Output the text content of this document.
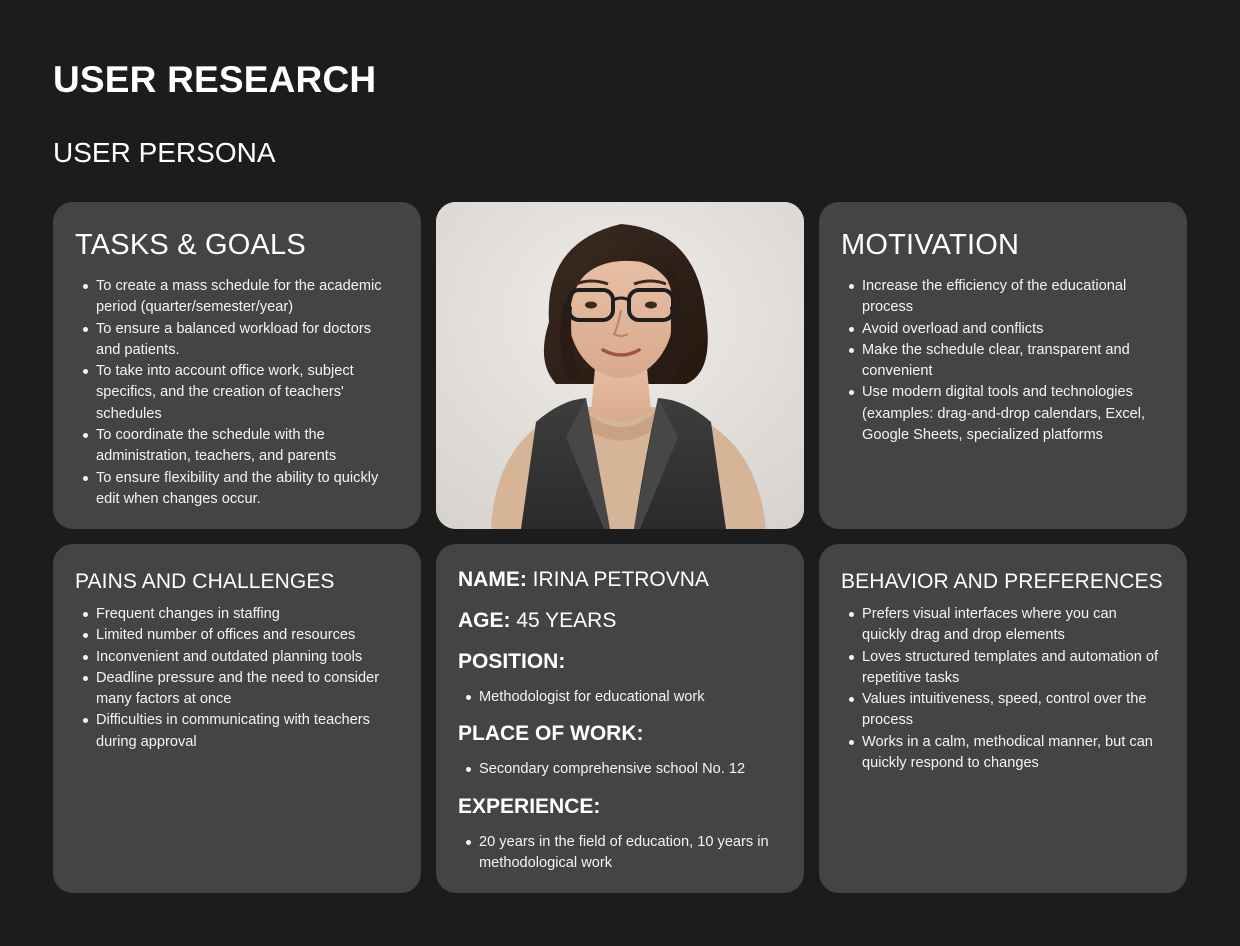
USER RESEARCH
USER PERSONA
TASKS & GOALS
To create a mass schedule for the academic period (quarter/semester/year)
To ensure a balanced workload for doctors and patients.
To take into account office work, subject specifics, and the creation of teachers' schedules
To coordinate the schedule with the administration, teachers, and parents
To ensure flexibility and the ability to quickly edit when changes occur.
MOTIVATION
Increase the efficiency of the educational process
Avoid overload and conflicts
Make the schedule clear, transparent and convenient
Use modern digital tools and technologies (examples: drag-and-drop calendars, Excel, Google Sheets, specialized platforms
PAINS AND CHALLENGES
Frequent changes in staffing
Limited number of offices and resources
Inconvenient and outdated planning tools
Deadline pressure and the need to consider many factors at once
Difficulties in communicating with teachers during approval
NAME: IRINA PETROVNA
AGE: 45 YEARS
POSITION:
Methodologist for educational work
PLACE OF WORK:
Secondary comprehensive school No. 12
EXPERIENCE:
20 years in the field of education, 10 years in methodological work
BEHAVIOR AND PREFERENCES
Prefers visual interfaces where you can quickly drag and drop elements
Loves structured templates and automation of repetitive tasks
Values intuitiveness, speed, control over the process
Works in a calm, methodical manner, but can quickly respond to changes
